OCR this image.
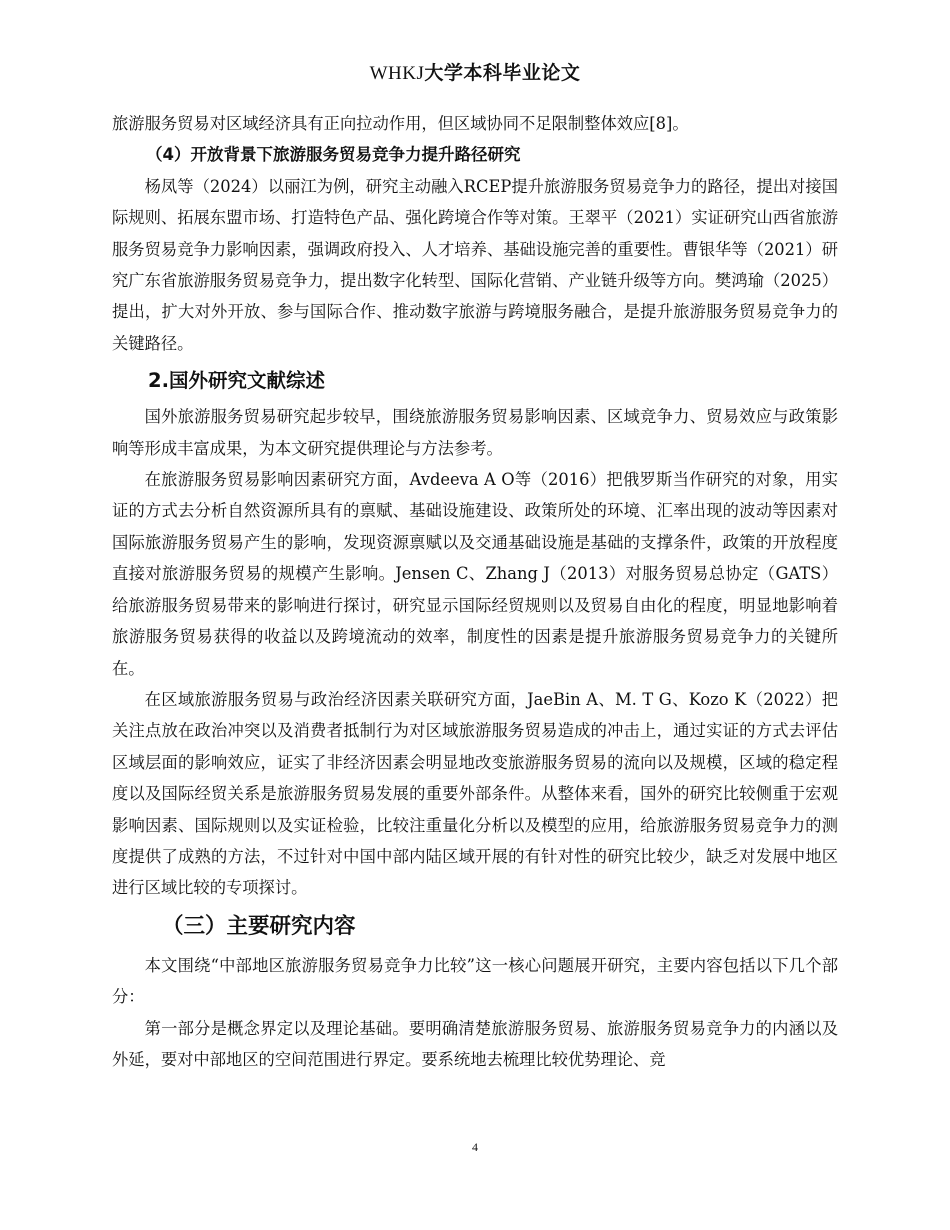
WHKJ大学本科毕业论文

旅游服务贸易对区域经济具有正向拉动作用，但区域协同不足限制整体效应[8]。

（4）开放背景下旅游服务贸易竞争力提升路径研究

杨凤等（2024）以丽江为例，研究主动融入RCEP提升旅游服务贸易竞争力的路径，提出对接国际规则、拓展东盟市场、打造特色产品、强化跨境合作等对策。王翠平（2021）实证研究山西省旅游服务贸易竞争力影响因素，强调政府投入、人才培养、基础设施完善的重要性。曹银华等（2021）研究广东省旅游服务贸易竞争力，提出数字化转型、国际化营销、产业链升级等方向。樊鸿瑜（2025）提出，扩大对外开放、参与国际合作、推动数字旅游与跨境服务融合，是提升旅游服务贸易竞争力的关键路径。

2.国外研究文献综述

国外旅游服务贸易研究起步较早，围绕旅游服务贸易影响因素、区域竞争力、贸易效应与政策影响等形成丰富成果，为本文研究提供理论与方法参考。

在旅游服务贸易影响因素研究方面，Avdeeva A O等（2016）把俄罗斯当作研究的对象，用实证的方式去分析自然资源所具有的禀赋、基础设施建设、政策所处的环境、汇率出现的波动等因素对国际旅游服务贸易产生的影响，发现资源禀赋以及交通基础设施是基础的支撑条件，政策的开放程度直接对旅游服务贸易的规模产生影响。Jensen C、Zhang J（2013）对服务贸易总协定（GATS）给旅游服务贸易带来的影响进行探讨，研究显示国际经贸规则以及贸易自由化的程度，明显地影响着旅游服务贸易获得的收益以及跨境流动的效率，制度性的因素是提升旅游服务贸易竞争力的关键所在。

在区域旅游服务贸易与政治经济因素关联研究方面，JaeBin A、M. T G、Kozo K（2022）把关注点放在政治冲突以及消费者抵制行为对区域旅游服务贸易造成的冲击上，通过实证的方式去评估区域层面的影响效应，证实了非经济因素会明显地改变旅游服务贸易的流向以及规模，区域的稳定程度以及国际经贸关系是旅游服务贸易发展的重要外部条件。从整体来看，国外的研究比较侧重于宏观影响因素、国际规则以及实证检验，比较注重量化分析以及模型的应用，给旅游服务贸易竞争力的测度提供了成熟的方法，不过针对中国中部内陆区域开展的有针对性的研究比较少，缺乏对发展中地区进行区域比较的专项探讨。

（三）主要研究内容

本文围绕“中部地区旅游服务贸易竞争力比较”这一核心问题展开研究，主要内容包括以下几个部分：

第一部分是概念界定以及理论基础。要明确清楚旅游服务贸易、旅游服务贸易竞争力的内涵以及外延，要对中部地区的空间范围进行界定。要系统地去梳理比较优势理论、竞

4
